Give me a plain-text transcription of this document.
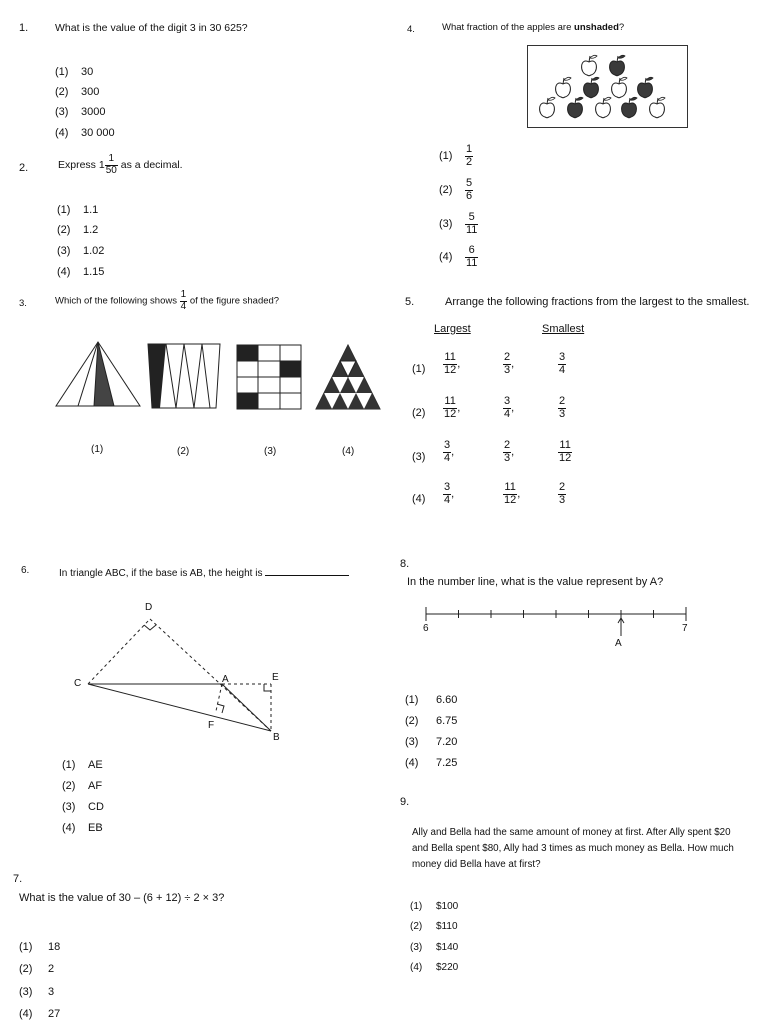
1.	What is the value of the digit 3 in 30 625?
(1) 30
(2) 300
(3) 3000
(4) 30 000
2.	Express $1 \frac{1}{50}$ as a decimal.
(1) 1.1
(2) 1.2
(3) 1.02
(4) 1.15
3.	Which of the following shows $\frac{1}{4}$ of the figure shaded?
(1)	(2)	(3)	(4)
4.	What fraction of the apples are unshaded?
$(1) \frac{1}{2}$
$(2) \frac{5}{6}$
$(3) \frac{5}{11}$
$(4) \frac{6}{11}$
5.	Arrange the following fractions from the largest to the smallest.
Largest	Smallest
$(1) \frac{11}{12}$ ,	$\frac{2}{3}$ ,	$\frac{3}{4}$
$(2) \frac{11}{12}$ ,	$\frac{3}{4}$ ,	$\frac{2}{3}$
$(3) \frac{3}{4}$ ,	$\frac{2}{3}$ ,	$\frac{11}{12}$
$(4) \frac{3}{4}$ ,	$\frac{11}{12}$ ,	$\frac{2}{3}$
6.	In triangle ABC, if the base is AB, the height is
D
C	A	E
F
B
(1) AE
(2) AF
(3) CD
(4) EB
7.
What is the value of 30 – (6 + 12) ÷ 2 × 3?
(1) 18
(2) 2
(3) 3
(4) 27
8.
In the number line, what is the value represent by A?
6	7
A
(1) 6.60
(2) 6.75
(3) 7.20
(4) 7.25
9.
Ally and Bella had the same amount of money at first. After Ally spent $20
and Bella spent $80, Ally had 3 times as much money as Bella. How much
money did Bella have at first?
(1) $100
(2) $110
(3) $140
(4) $220
